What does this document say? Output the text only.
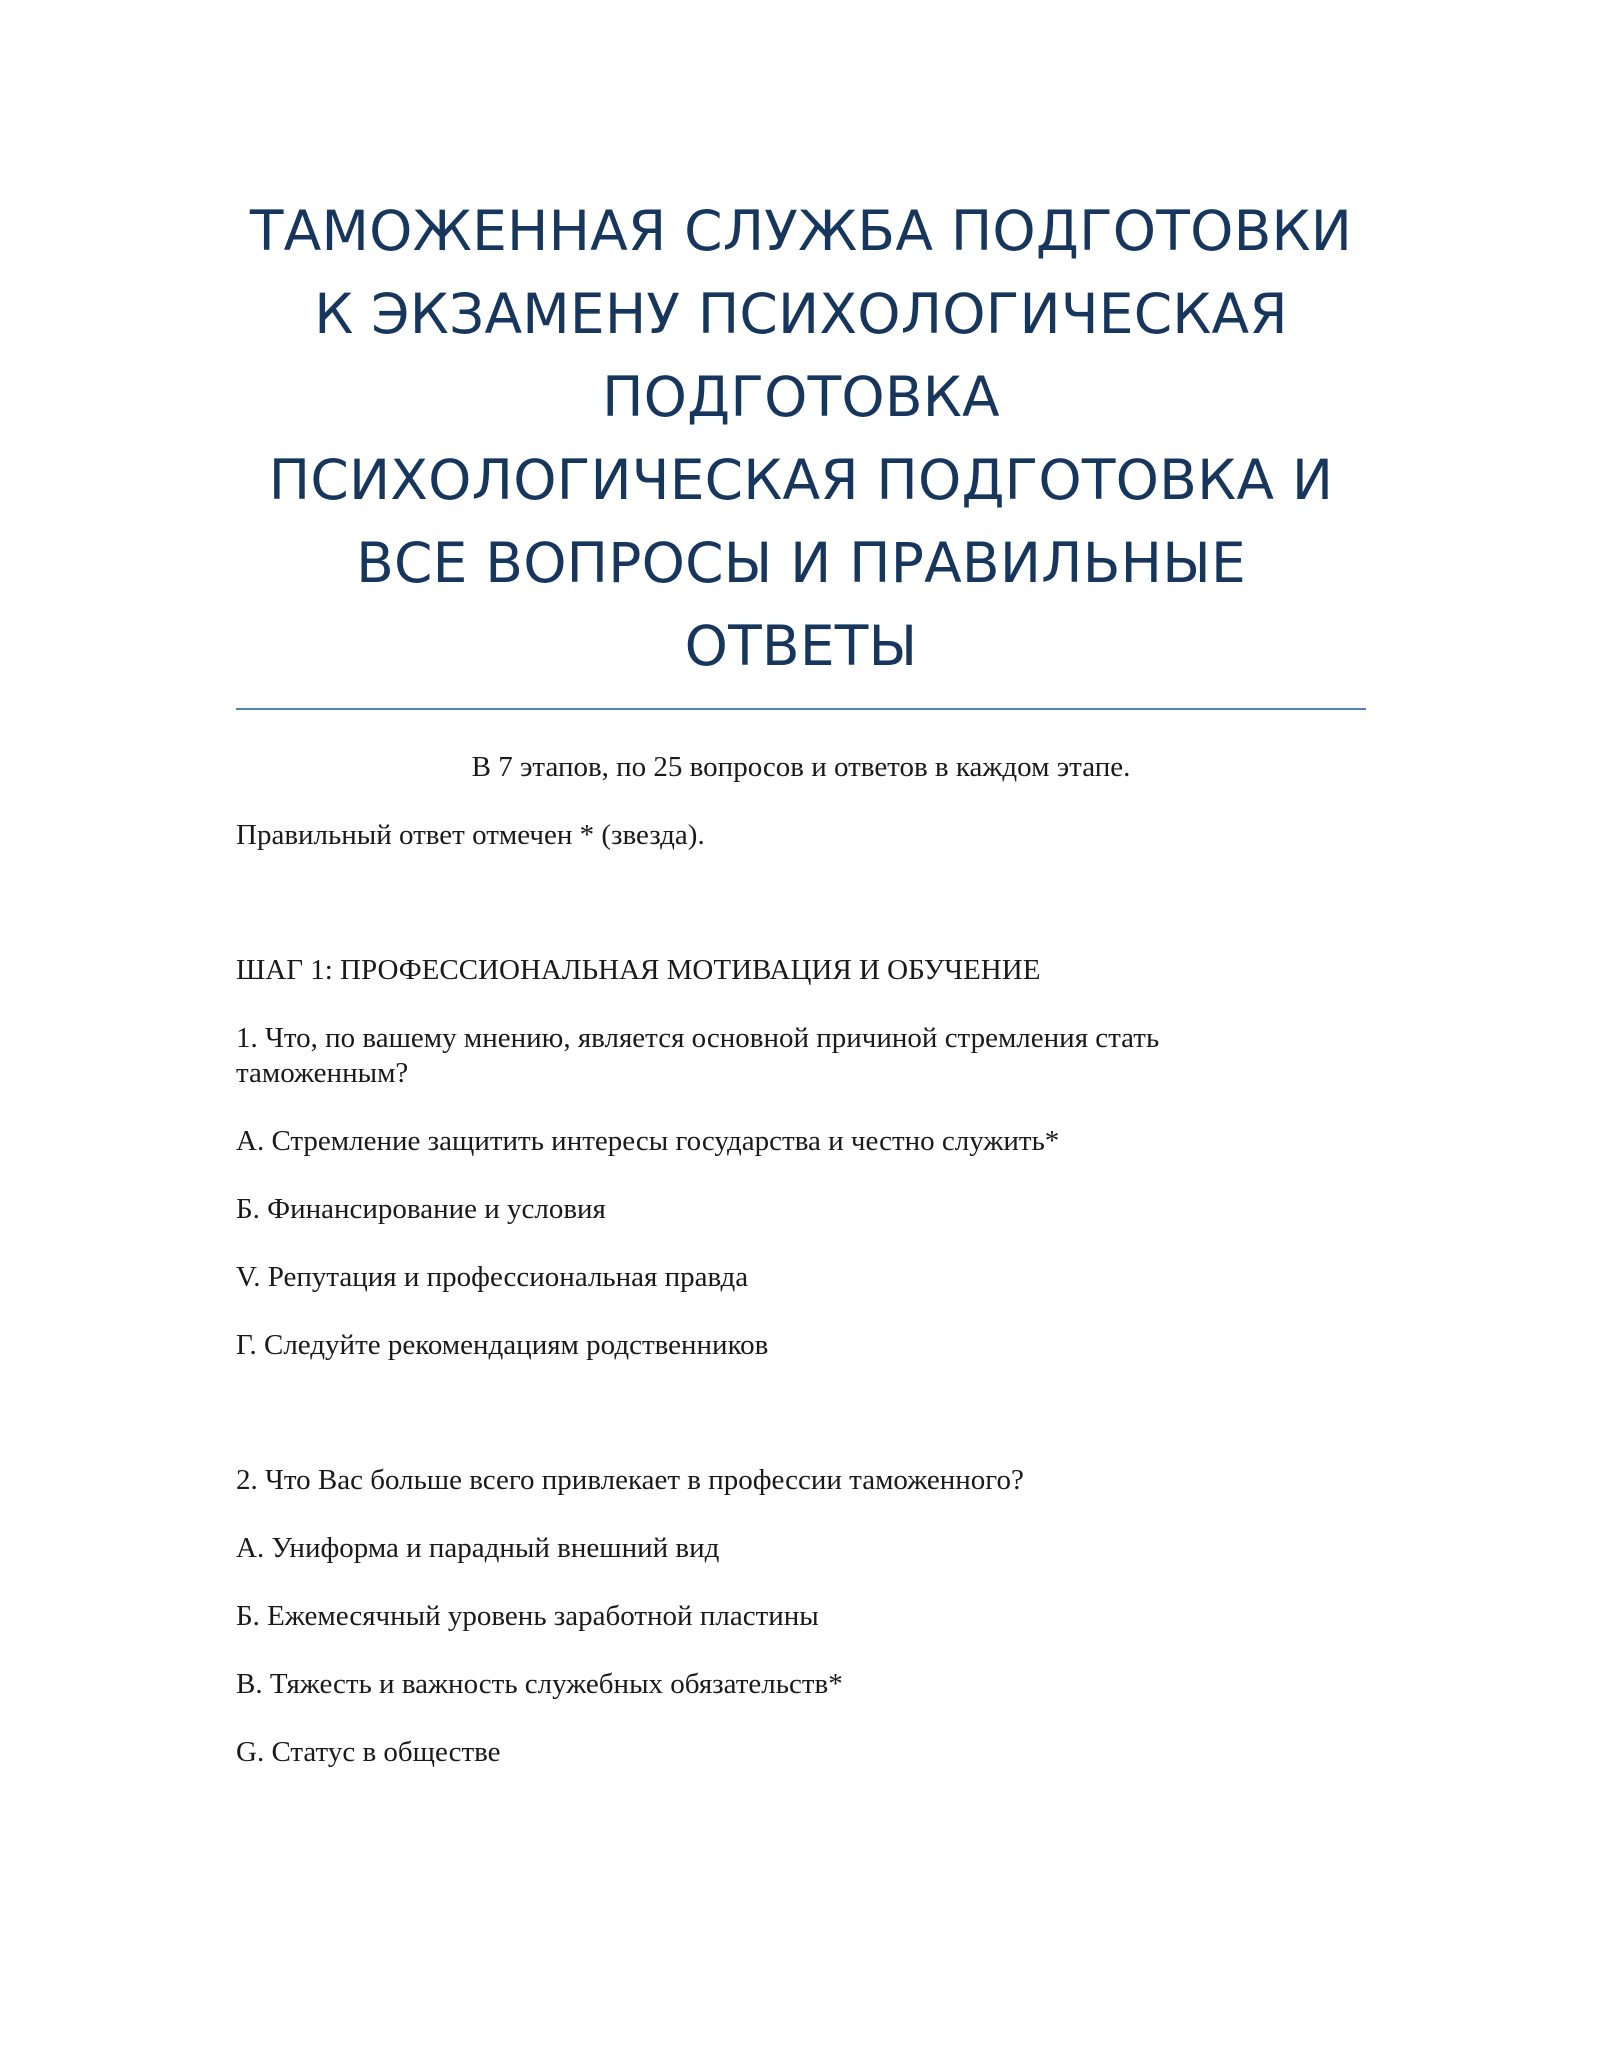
ТАМОЖЕННАЯ СЛУЖБА ПОДГОТОВКИ
К ЭКЗАМЕНУ ПСИХОЛОГИЧЕСКАЯ
ПОДГОТОВКА
ПСИХОЛОГИЧЕСКАЯ ПОДГОТОВКА И
ВСЕ ВОПРОСЫ И ПРАВИЛЬНЫЕ
ОТВЕТЫ

В 7 этапов, по 25 вопросов и ответов в каждом этапе.

Правильный ответ отмечен * (звезда).

ШАГ 1: ПРОФЕССИОНАЛЬНАЯ МОТИВАЦИЯ И ОБУЧЕНИЕ

1. Что, по вашему мнению, является основной причиной стремления стать
таможенным?

A. Стремление защитить интересы государства и честно служить*

Б. Финансирование и условия

V. Репутация и профессиональная правда

Г. Следуйте рекомендациям родственников

2. Что Вас больше всего привлекает в профессии таможенного?

А. Униформа и парадный внешний вид

Б. Ежемесячный уровень заработной пластины

В. Тяжесть и важность служебных обязательств*

G. Статус в обществе
